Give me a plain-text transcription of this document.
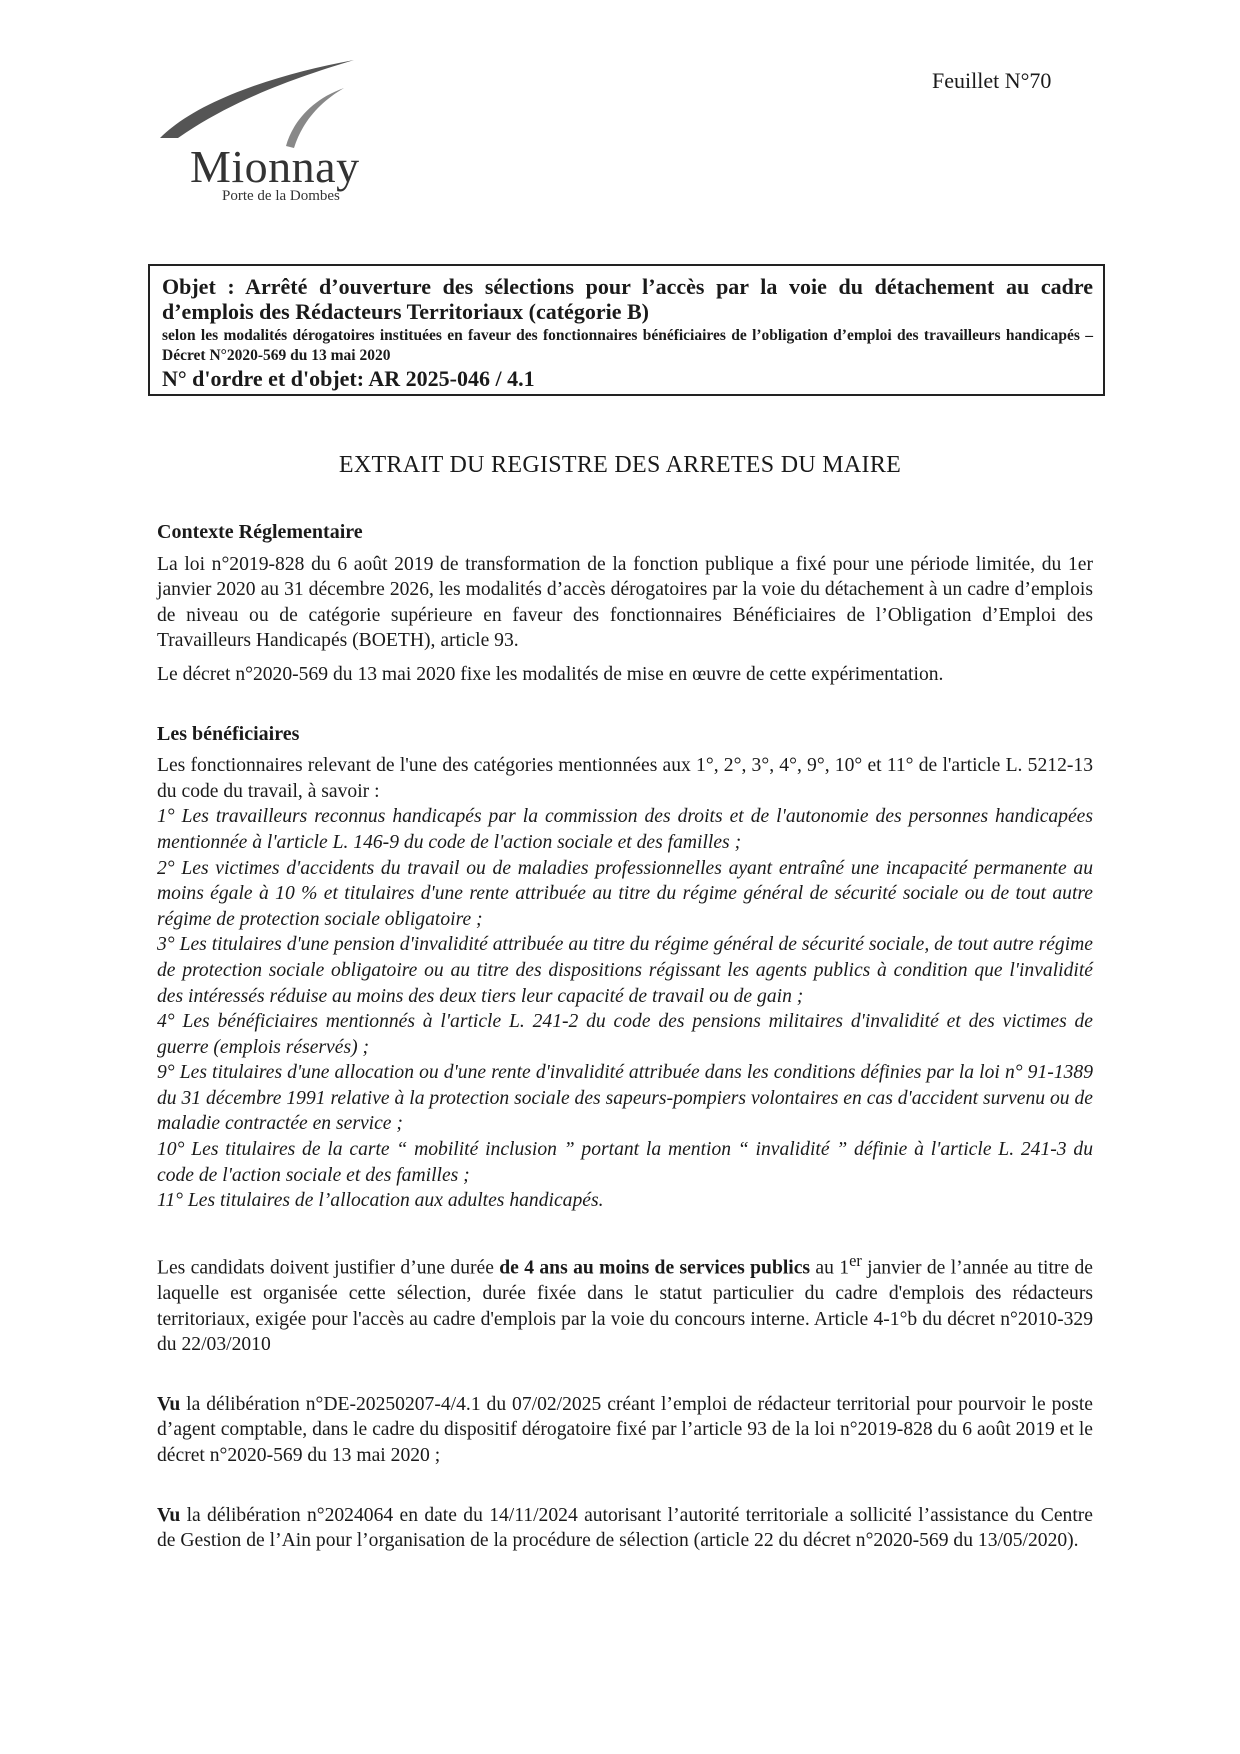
Feuillet N°70
Mionnay
Porte de la Dombes
Objet : Arrêté d’ouverture des sélections pour l’accès par la voie du détachement au cadre d’emplois des Rédacteurs Territoriaux (catégorie B)
selon les modalités dérogatoires instituées en faveur des fonctionnaires bénéficiaires de l’obligation d’emploi des travailleurs handicapés – Décret N°2020-569 du 13 mai 2020
N° d'ordre et d'objet: AR 2025-046 / 4.1
EXTRAIT DU REGISTRE DES ARRETES DU MAIRE
Contexte Réglementaire

La loi n°2019-828 du 6 août 2019 de transformation de la fonction publique a fixé pour une période limitée, du 1er janvier 2020 au 31 décembre 2026, les modalités d’accès dérogatoires par la voie du détachement à un cadre d’emplois de niveau ou de catégorie supérieure en faveur des fonctionnaires Bénéficiaires de l’Obligation d’Emploi des Travailleurs Handicapés (BOETH), article 93.

Le décret n°2020-569 du 13 mai 2020 fixe les modalités de mise en œuvre de cette expérimentation.

Les bénéficiaires

Les fonctionnaires relevant de l'une des catégories mentionnées aux 1°, 2°, 3°, 4°, 9°, 10° et 11° de l'article L. 5212-13 du code du travail, à savoir :

1° Les travailleurs reconnus handicapés par la commission des droits et de l'autonomie des personnes handicapées mentionnée à l'article L. 146-9 du code de l'action sociale et des familles ;

2° Les victimes d'accidents du travail ou de maladies professionnelles ayant entraîné une incapacité permanente au moins égale à 10 % et titulaires d'une rente attribuée au titre du régime général de sécurité sociale ou de tout autre régime de protection sociale obligatoire ;

3° Les titulaires d'une pension d'invalidité attribuée au titre du régime général de sécurité sociale, de tout autre régime de protection sociale obligatoire ou au titre des dispositions régissant les agents publics à condition que l'invalidité des intéressés réduise au moins des deux tiers leur capacité de travail ou de gain ;

4° Les bénéficiaires mentionnés à l'article L. 241-2 du code des pensions militaires d'invalidité et des victimes de guerre (emplois réservés) ;

9° Les titulaires d'une allocation ou d'une rente d'invalidité attribuée dans les conditions définies par la loi n° 91-1389 du 31 décembre 1991 relative à la protection sociale des sapeurs-pompiers volontaires en cas d'accident survenu ou de maladie contractée en service ;

10° Les titulaires de la carte “ mobilité inclusion ” portant la mention “ invalidité ” définie à l'article L. 241-3 du code de l'action sociale et des familles ;

11° Les titulaires de l’allocation aux adultes handicapés.

Les candidats doivent justifier d’une durée de 4 ans au moins de services publics au 1er janvier de l’année au titre de laquelle est organisée cette sélection, durée fixée dans le statut particulier du cadre d'emplois des rédacteurs territoriaux, exigée pour l'accès au cadre d'emplois par la voie du concours interne. Article 4-1°b du décret n°2010-329 du 22/03/2010

Vu la délibération n°DE-20250207-4/4.1 du 07/02/2025 créant l’emploi de rédacteur territorial pour pourvoir le poste d’agent comptable, dans le cadre du dispositif dérogatoire fixé par l’article 93 de la loi n°2019-828 du 6 août 2019 et le décret n°2020-569 du 13 mai 2020 ;

Vu la délibération n°2024064 en date du 14/11/2024 autorisant l’autorité territoriale a sollicité l’assistance du Centre de Gestion de l’Ain pour l’organisation de la procédure de sélection (article 22 du décret n°2020-569 du 13/05/2020).
